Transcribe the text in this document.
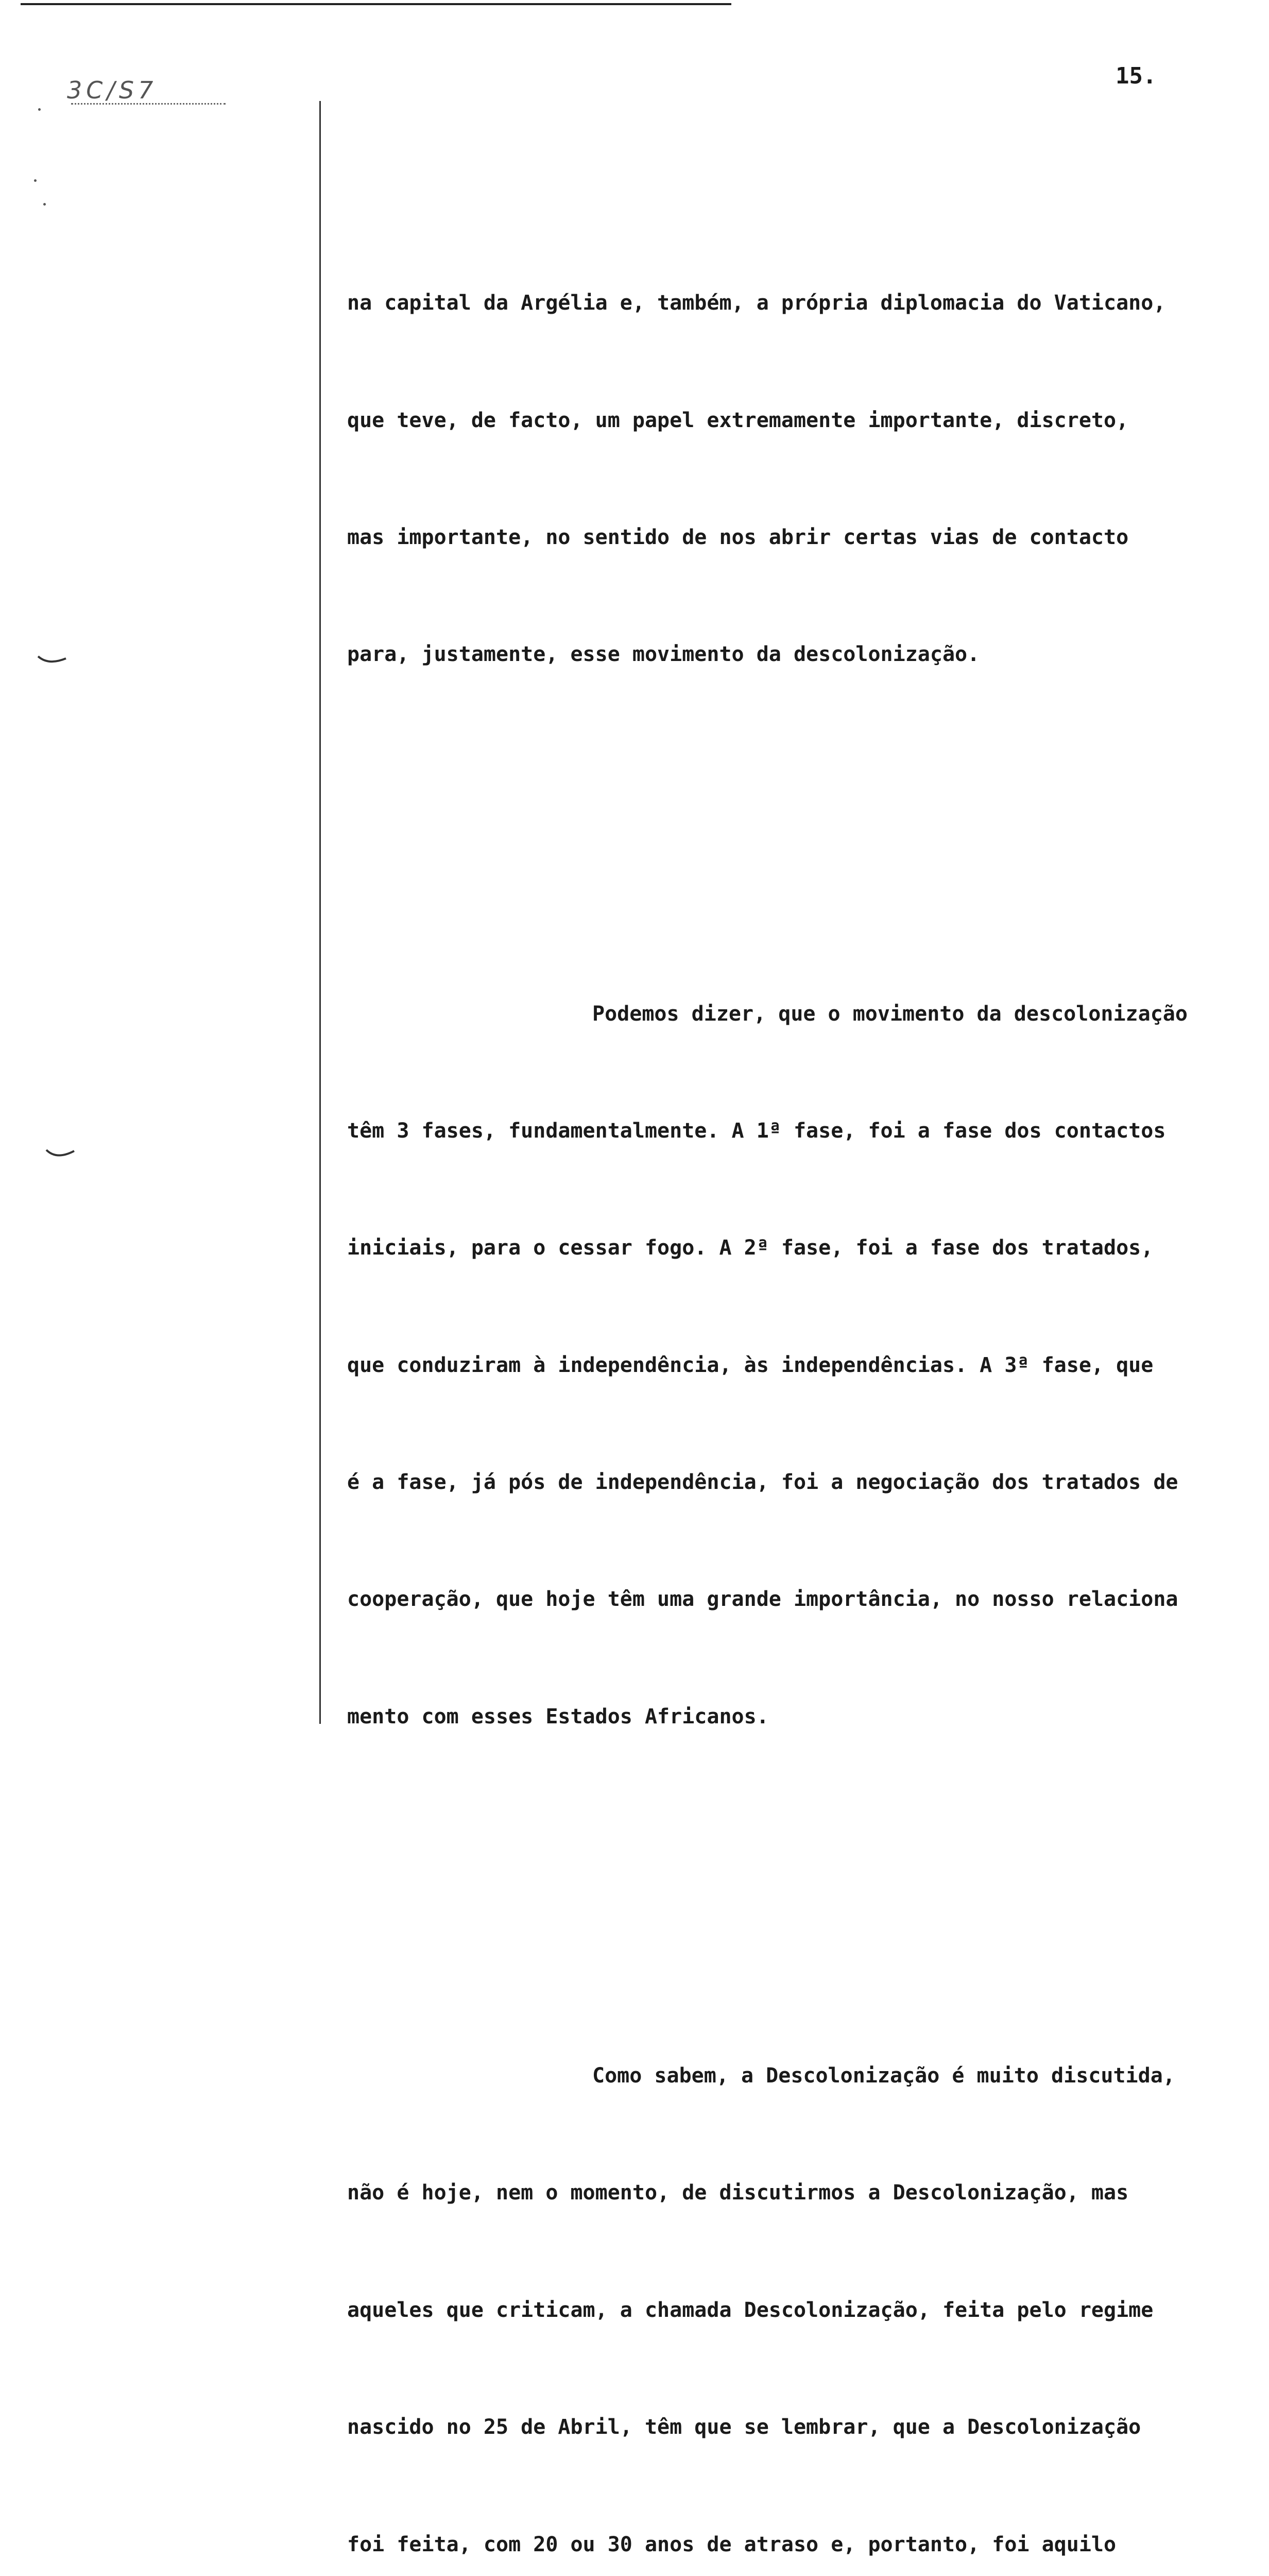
3C/S7
15.

na capital da Argélia e, também, a própria diplomacia do Vaticano,

que teve, de facto, um papel extremamente importante, discreto,

mas importante, no sentido de nos abrir certas vias de contacto

para, justamente, esse movimento da descolonização.

Podemos dizer, que o movimento da descolonização

têm 3 fases, fundamentalmente. A 1ª fase, foi a fase dos contactos

iniciais, para o cessar fogo. A 2ª fase, foi a fase dos tratados,

que conduziram à independência, às independências. A 3ª fase, que

é a fase, já pós de independência, foi a negociação dos tratados de

cooperação, que hoje têm uma grande importância, no nosso relaciona

mento com esses Estados Africanos.

Como sabem, a Descolonização é muito discutida,

não é hoje, nem o momento, de discutirmos a Descolonização, mas

aqueles que criticam, a chamada Descolonização, feita pelo regime

nascido no 25 de Abril, têm que se lembrar, que a Descolonização

foi feita, com 20 ou 30 anos de atraso e, portanto, foi aquilo
